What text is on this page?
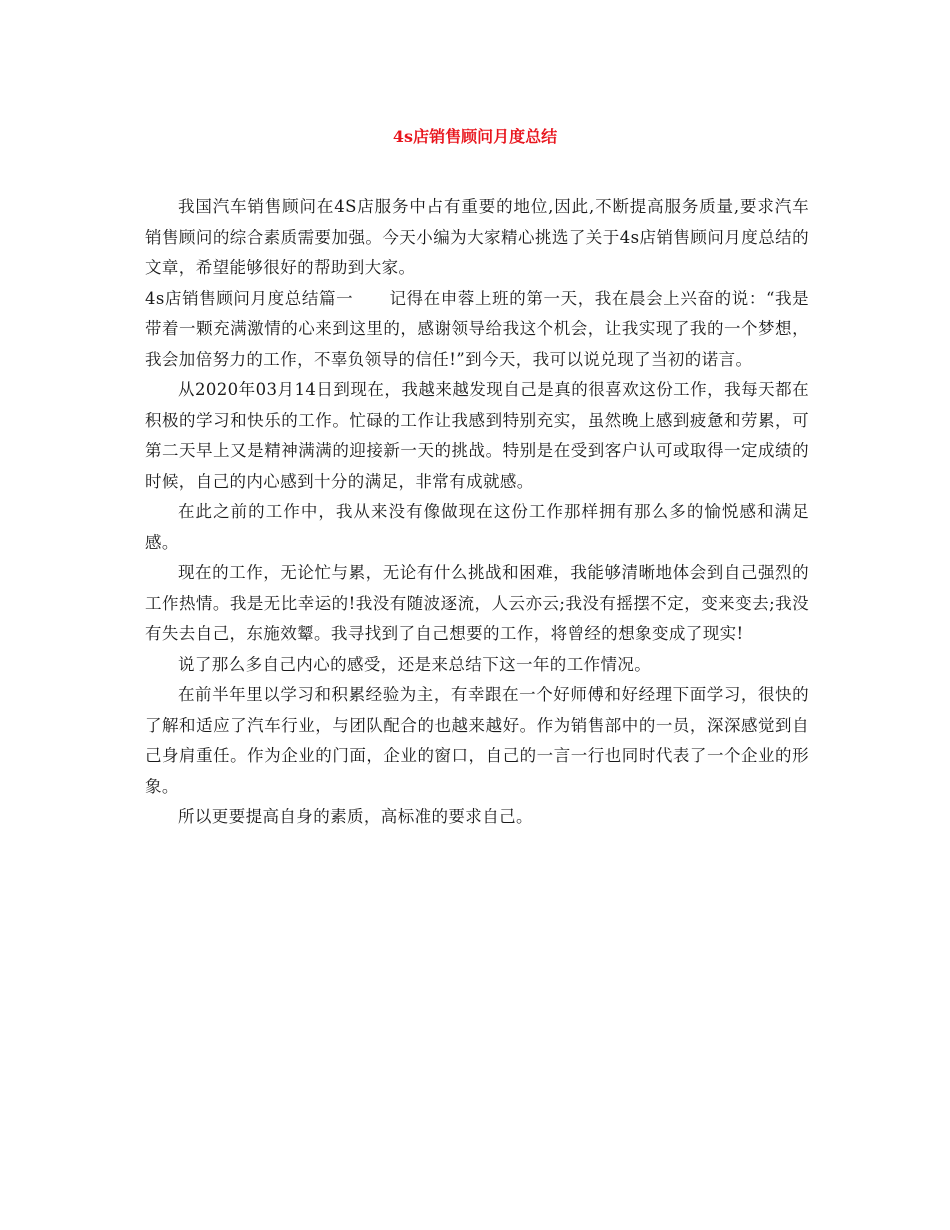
4s店销售顾问月度总结

我国汽车销售顾问在4S店服务中占有重要的地位,因此,不断提高服务质量,要求汽车销售顾问的综合素质需要加强。今天小编为大家精心挑选了关于4s店销售顾问月度总结的文章，希望能够很好的帮助到大家。

4s店销售顾问月度总结篇一 记得在申蓉上班的第一天，我在晨会上兴奋的说：“我是带着一颗充满激情的心来到这里的，感谢领导给我这个机会，让我实现了我的一个梦想，我会加倍努力的工作，不辜负领导的信任!”到今天，我可以说兑现了当初的诺言。

从2020年03月14日到现在，我越来越发现自己是真的很喜欢这份工作，我每天都在积极的学习和快乐的工作。忙碌的工作让我感到特别充实，虽然晚上感到疲惫和劳累，可第二天早上又是精神满满的迎接新一天的挑战。特别是在受到客户认可或取得一定成绩的时候，自己的内心感到十分的满足，非常有成就感。

在此之前的工作中，我从来没有像做现在这份工作那样拥有那么多的愉悦感和满足感。

现在的工作，无论忙与累，无论有什么挑战和困难，我能够清晰地体会到自己强烈的工作热情。我是无比幸运的!我没有随波逐流，人云亦云;我没有摇摆不定，变来变去;我没有失去自己，东施效颦。我寻找到了自己想要的工作，将曾经的想象变成了现实!

说了那么多自己内心的感受，还是来总结下这一年的工作情况。

在前半年里以学习和积累经验为主，有幸跟在一个好师傅和好经理下面学习，很快的了解和适应了汽车行业，与团队配合的也越来越好。作为销售部中的一员，深深感觉到自己身肩重任。作为企业的门面，企业的窗口，自己的一言一行也同时代表了一个企业的形象。

所以更要提高自身的素质，高标准的要求自己。
